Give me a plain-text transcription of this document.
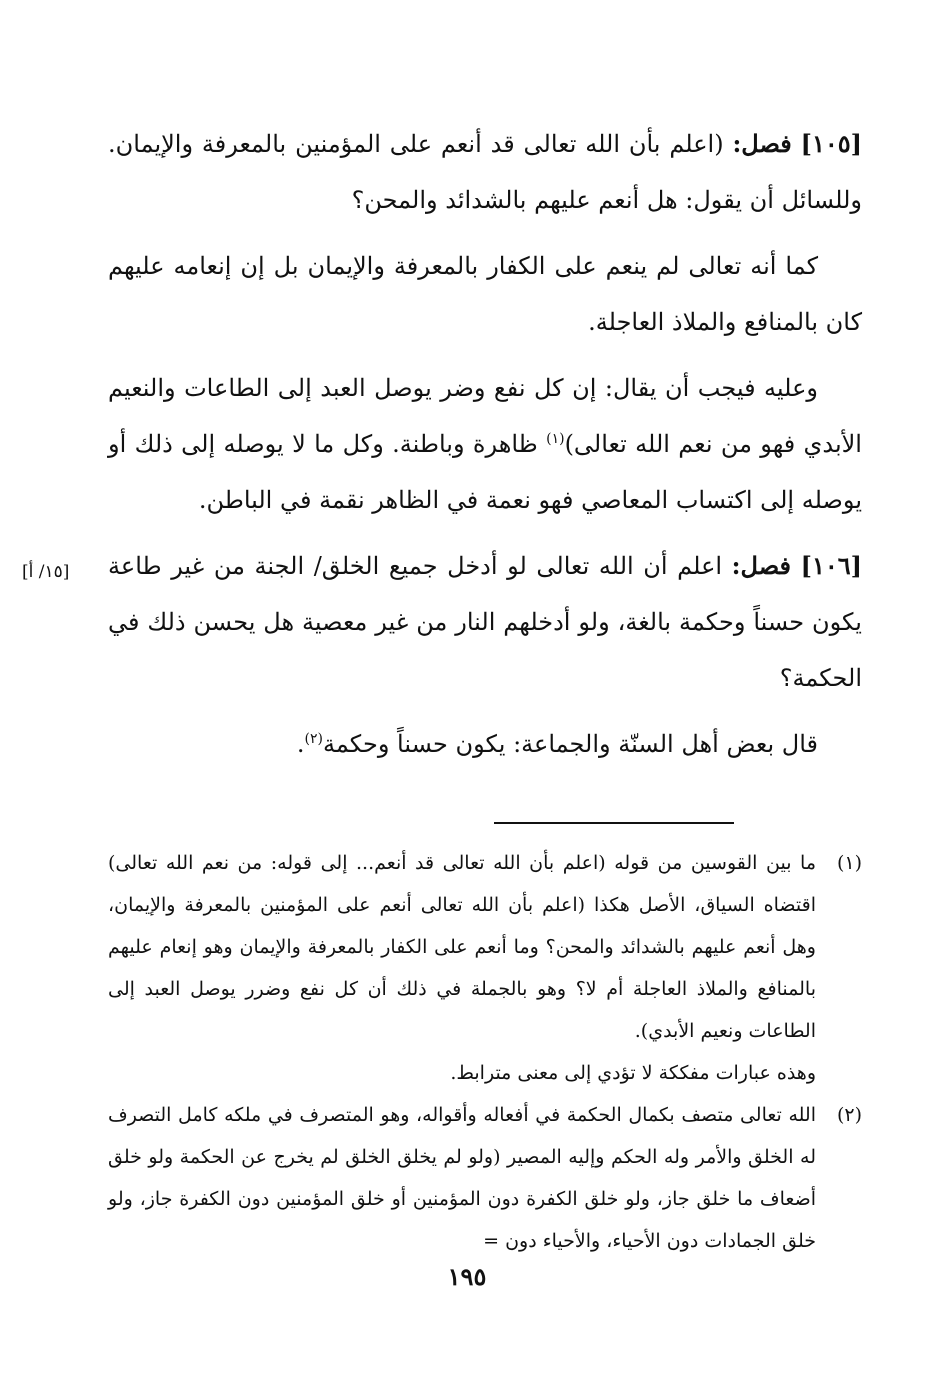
[١٠٥] فصل: (اعلم بأن الله تعالى قد أنعم على المؤمنين بالمعرفة والإيمان. وللسائل أن يقول: هل أنعم عليهم بالشدائد والمحن؟

كما أنه تعالى لم ينعم على الكفار بالمعرفة والإيمان بل إن إنعامه عليهم كان بالمنافع والملاذ العاجلة.

وعليه فيجب أن يقال: إن كل نفع وضر يوصل العبد إلى الطاعات والنعيم الأبدي فهو من نعم الله تعالى)$^{(١)}$ ظاهرة وباطنة. وكل ما لا يوصله إلى ذلك أو يوصله إلى اكتساب المعاصي فهو نعمة في الظاهر نقمة في الباطن.

[١٥/ أ]	[١٠٦] فصل: اعلم أن الله تعالى لو أدخل جميع الخلق/ الجنة من غير طاعة يكون حسناً وحكمة بالغة، ولو أدخلهم النار من غير معصية هل يحسن ذلك في الحكمة؟

قال بعض أهل السنّة والجماعة: يكون حسناً وحكمة$^{(٢)}$.

(١)
ما بين القوسين من قوله (اعلم بأن الله تعالى قد أنعم... إلى قوله: من نعم الله تعالى) اقتضاه السياق، الأصل هكذا (اعلم بأن الله تعالى أنعم على المؤمنين بالمعرفة والإيمان، وهل أنعم عليهم بالشدائد والمحن؟ وما أنعم على الكفار بالمعرفة والإيمان وهو إنعام عليهم بالمنافع والملاذ العاجلة أم لا؟ وهو بالجملة في ذلك أن كل نفع وضرر يوصل العبد إلى الطاعات ونعيم الأبدي).
وهذه عبارات مفككة لا تؤدي إلى معنى مترابط.
(٢)
الله تعالى متصف بكمال الحكمة في أفعاله وأقواله، وهو المتصرف في ملكه كامل التصرف له الخلق والأمر وله الحكم وإليه المصير (ولو لم يخلق الخلق لم يخرج عن الحكمة ولو خلق أضعاف ما خلق جاز، ولو خلق الكفرة دون المؤمنين أو خلق المؤمنين دون الكفرة جاز، ولو خلق الجمادات دون الأحياء، والأحياء دون =
١٩٥
